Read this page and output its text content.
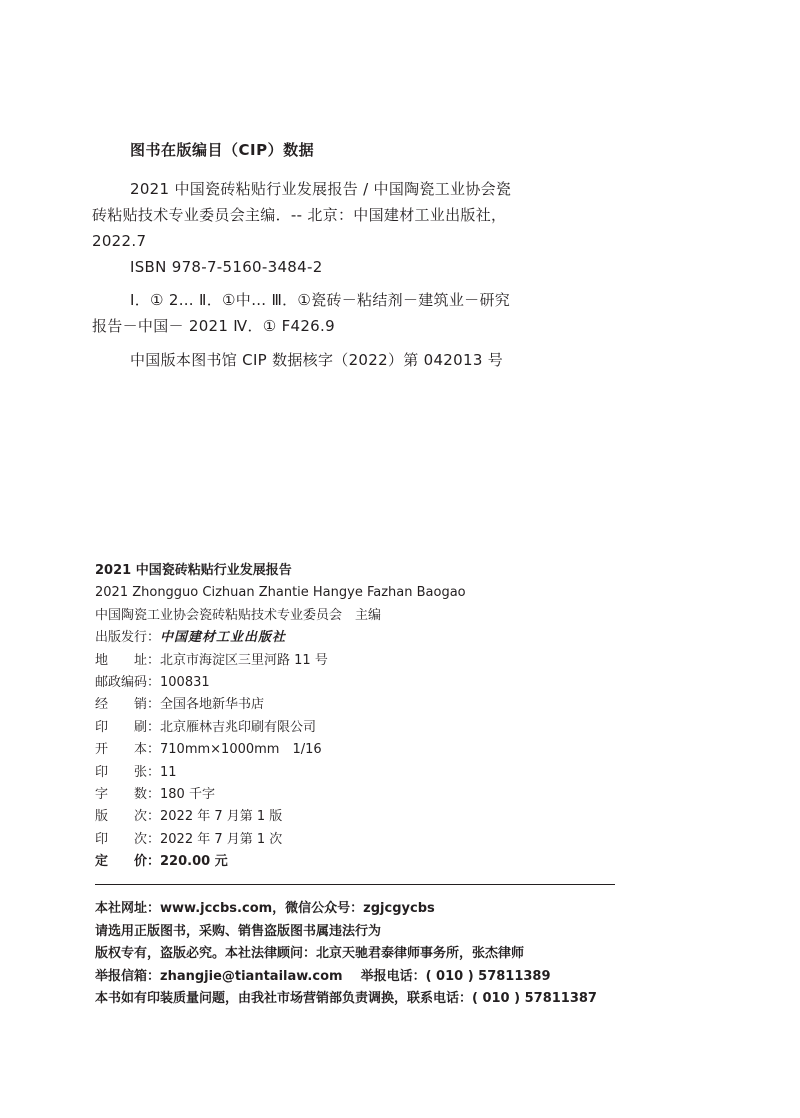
图书在版编目（CIP）数据
2021 中国瓷砖粘贴行业发展报告 / 中国陶瓷工业协会瓷砖粘贴技术专业委员会主编．-- 北京：中国建材工业出版社，2022.7
ISBN 978-7-5160-3484-2
Ⅰ．① 2… Ⅱ．①中… Ⅲ．①瓷砖－粘结剂－建筑业－研究报告－中国－ 2021 Ⅳ．① F426.9
中国版本图书馆 CIP 数据核字（2022）第 042013 号
2021 中国瓷砖粘贴行业发展报告
2021 Zhongguo Cizhuan Zhantie Hangye Fazhan Baogao
中国陶瓷工业协会瓷砖粘贴技术专业委员会　主编
出版发行：中国建材工业出版社
地　　址：北京市海淀区三里河路 11 号
邮政编码：100831
经　　销：全国各地新华书店
印　　刷：北京雁林吉兆印刷有限公司
开　　本：710mm×1000mm　1/16
印　　张：11
字　　数：180 千字
版　　次：2022 年 7 月第 1 版
印　　次：2022 年 7 月第 1 次
定　　价：220.00 元
本社网址：www.jccbs.com，微信公众号：zgjcgycbs
请选用正版图书，采购、销售盗版图书属违法行为
版权专有，盗版必究。本社法律顾问：北京天驰君泰律师事务所，张杰律师
举报信箱：zhangjie@tiantailaw.com 举报电话：( 010 ) 57811389
本书如有印装质量问题，由我社市场营销部负责调换，联系电话：( 010 ) 57811387
